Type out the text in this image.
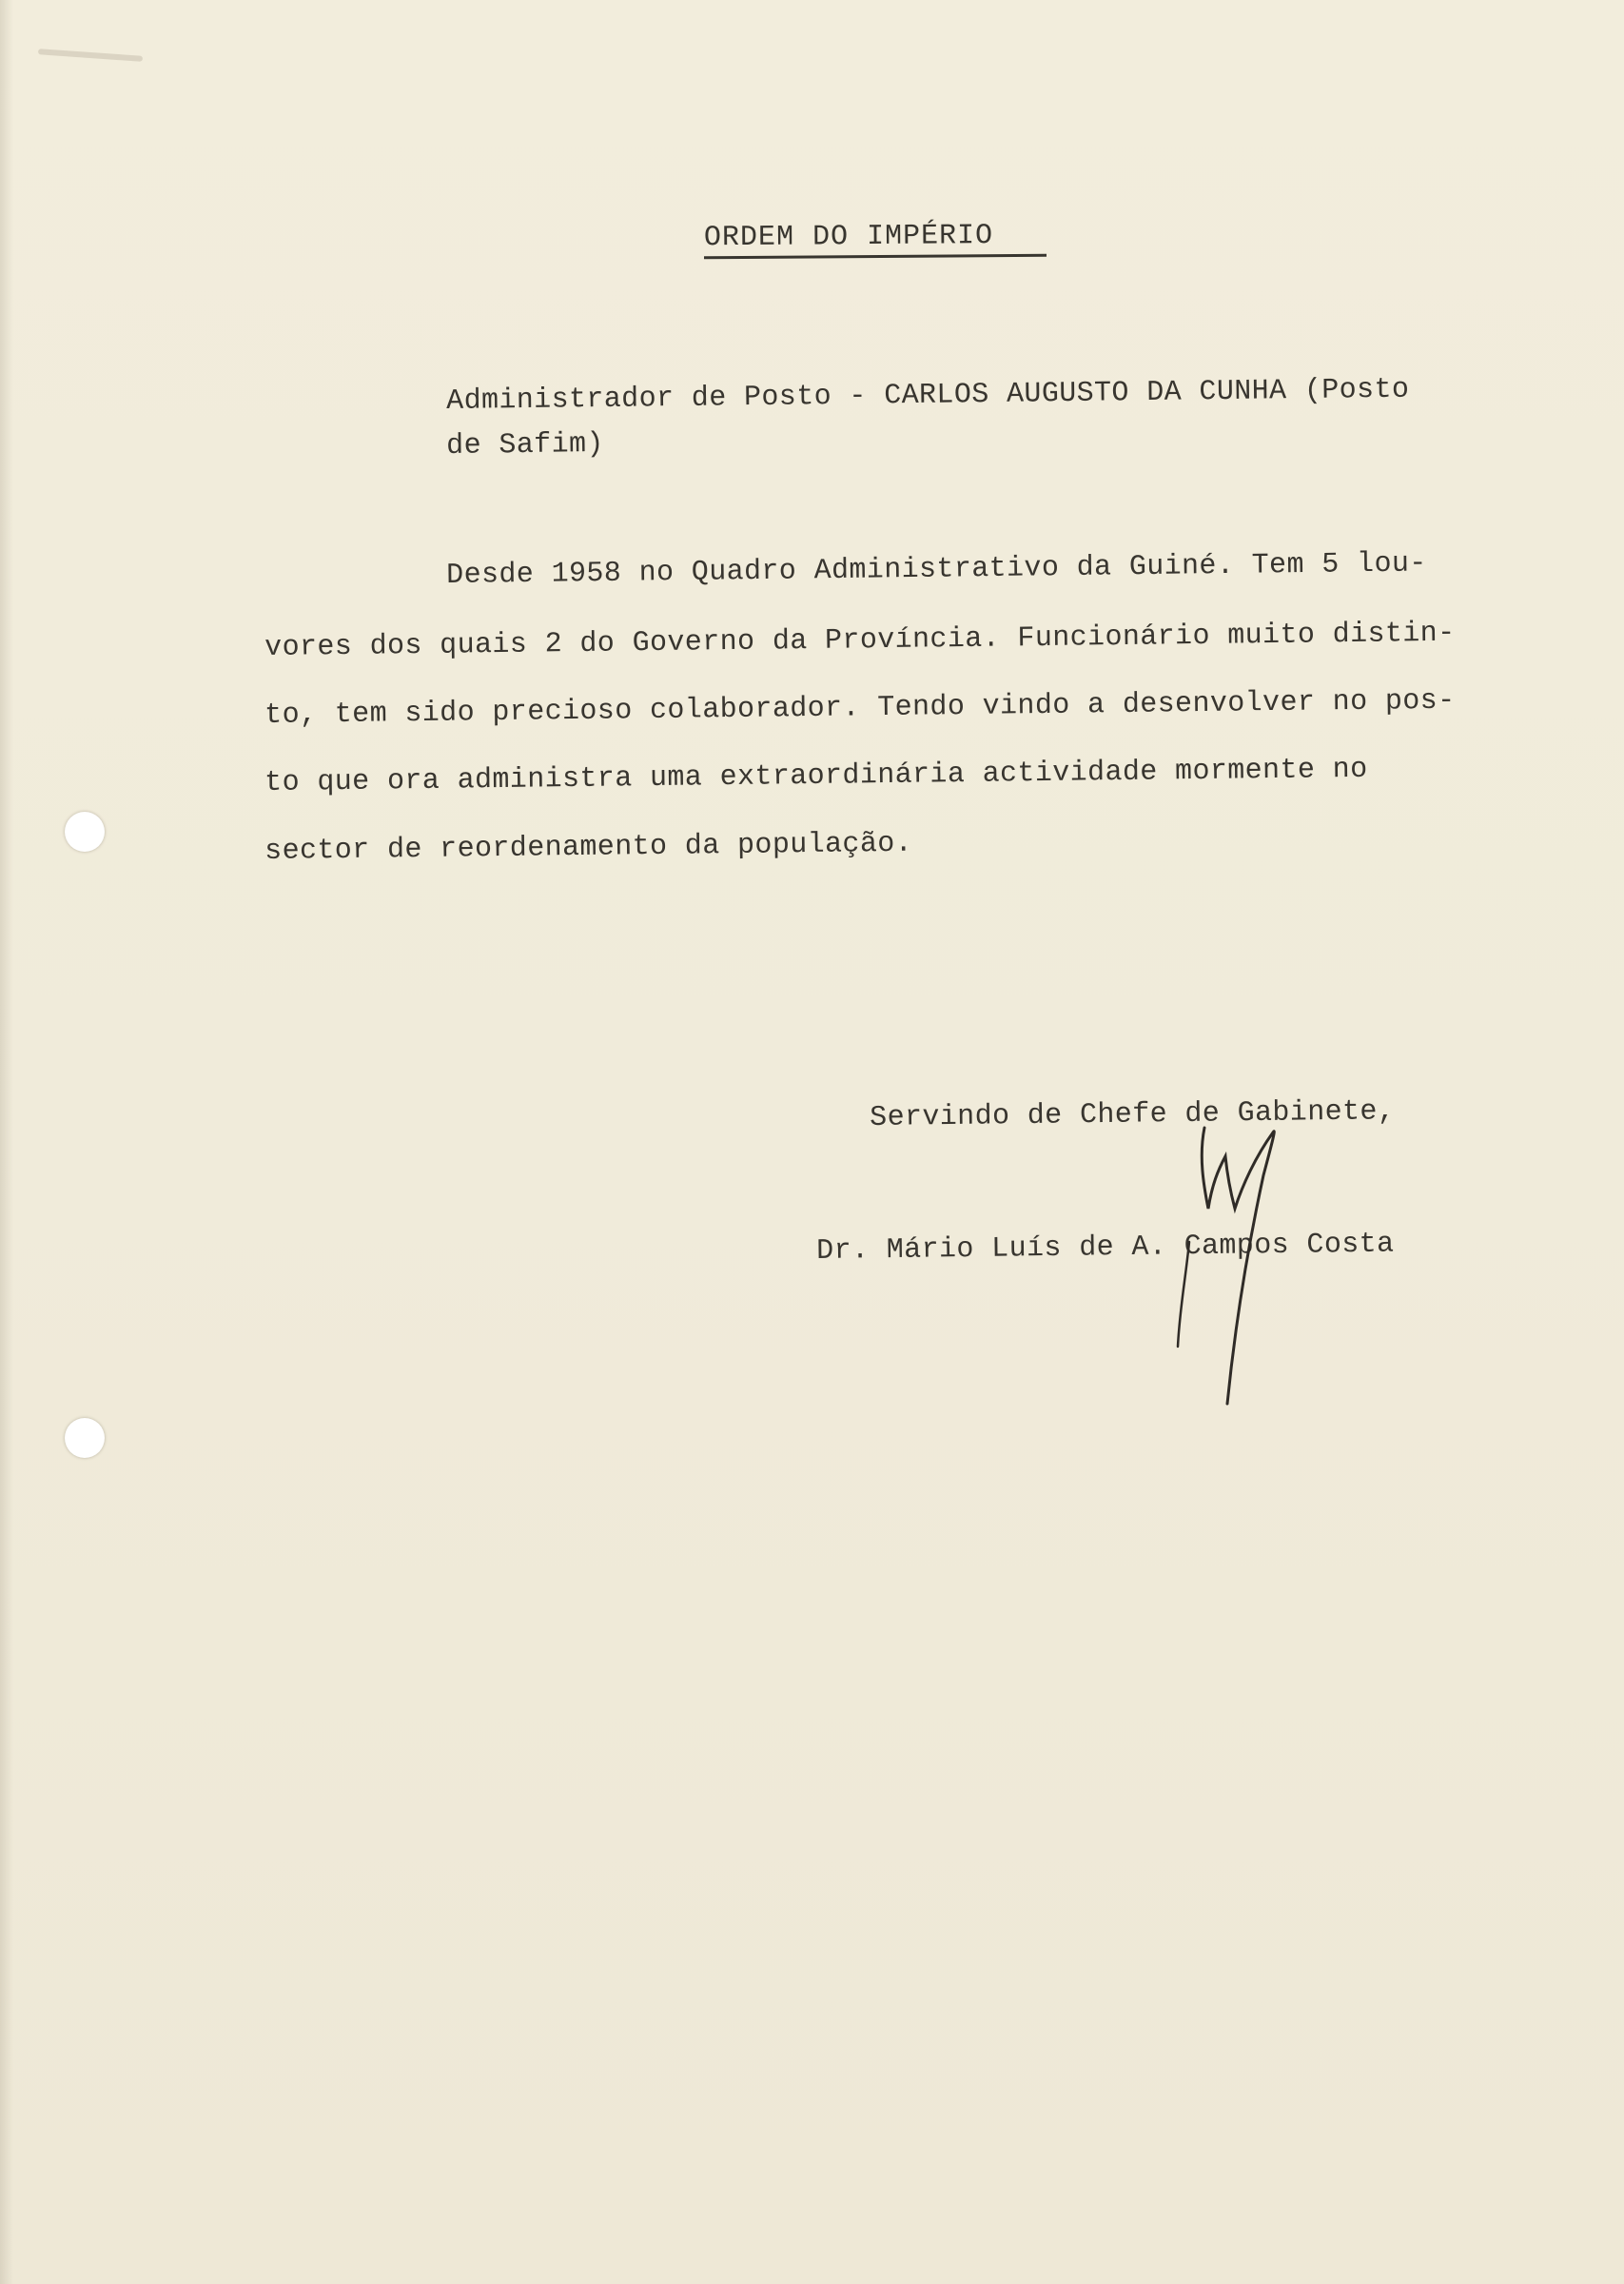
ORDEM DO IMPÉRIO
Administrador de Posto - CARLOS AUGUSTO DA CUNHA (Posto
de Safim)
Desde 1958 no Quadro Administrativo da Guiné. Tem 5 lou-
vores dos quais 2 do Governo da Província. Funcionário muito distin-
to, tem sido precioso colaborador. Tendo vindo a desenvolver no pos-
to que ora administra uma extraordinária actividade mormente no
sector de reordenamento da população.
Servindo de Chefe de Gabinete,
Dr. Mário Luís de A. Campos Costa
